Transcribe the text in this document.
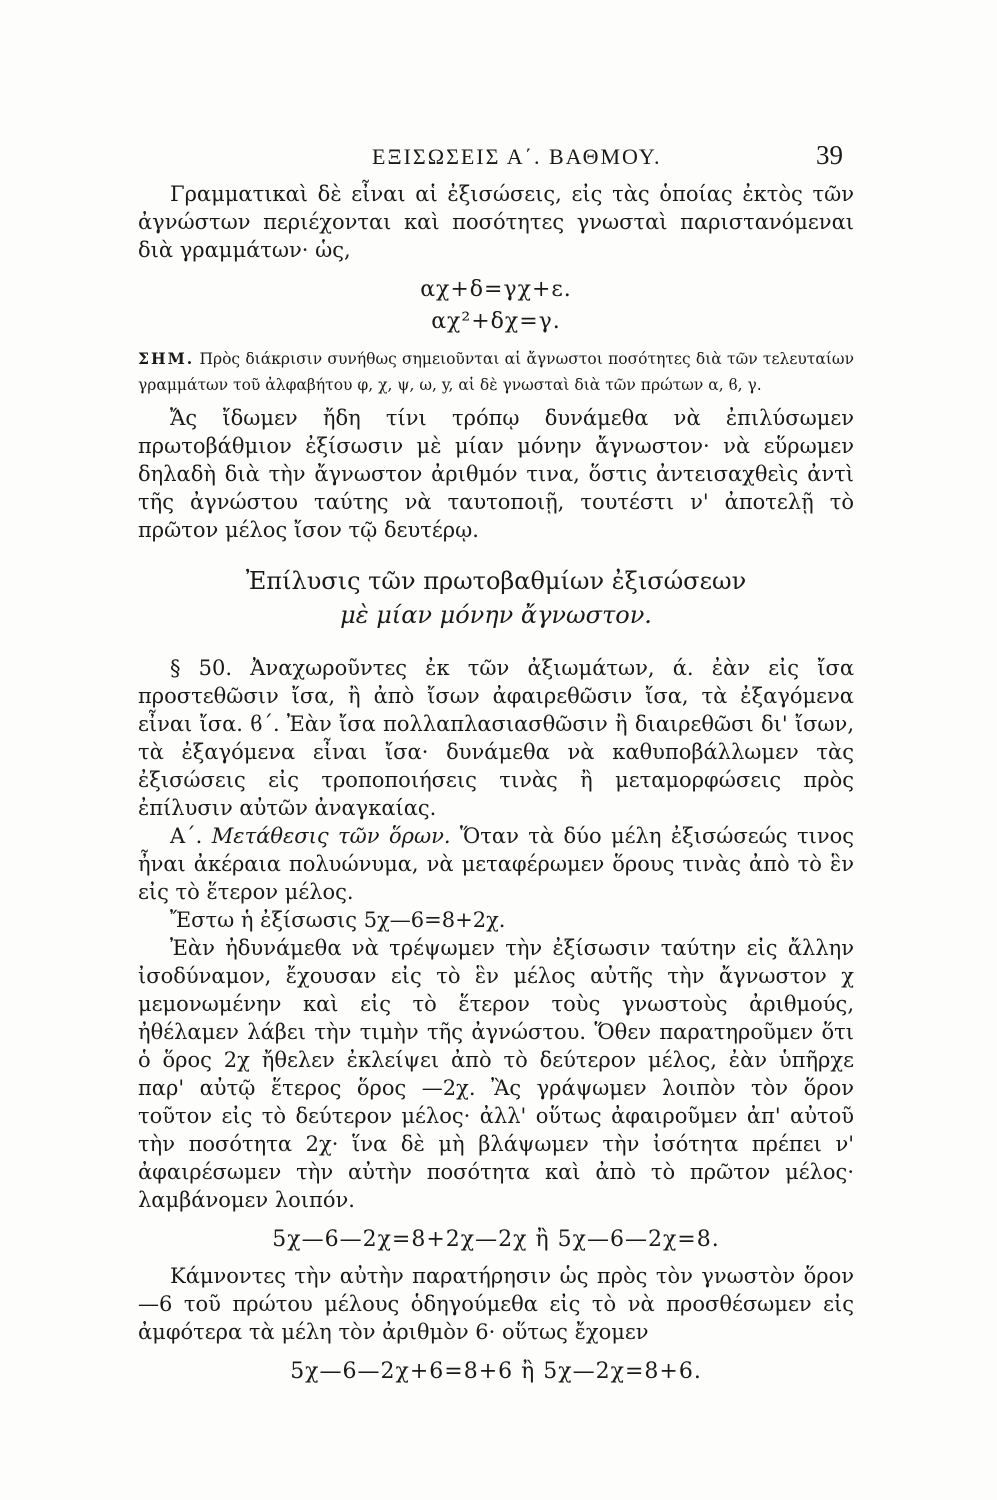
ΕΞΙΣΩΣΕΙΣ Α΄. ΒΑΘΜΟΥ.	39

Γραμματικαὶ δὲ εἶναι αἱ ἐξισώσεις, εἰς τὰς ὁποίας ἐκτὸς τῶν ἀγνώστων περιέχονται καὶ ποσότητες γνωσταὶ παριστανόμεναι διὰ γραμμάτων· ὡς,

αχ+δ=γχ+ε.
αχ²+δχ=γ.

ΣΗΜ. Πρὸς διάκρισιν συνήθως σημειοῦνται αἱ ἄγνωστοι ποσότητες διὰ τῶν τελευταίων γραμμάτων τοῦ ἀλφαβήτου φ, χ, ψ, ω, y, αἱ δὲ γνωσταὶ διὰ τῶν πρώτων α, ϐ, γ.

Ἄς ἴδωμεν ἤδη τίνι τρόπῳ δυνάμεθα νὰ ἐπιλύσωμεν πρωτοβάθμιον ἐξίσωσιν μὲ μίαν μόνην ἄγνωστον· νὰ εὕρωμεν δηλαδὴ διὰ τὴν ἄγνωστον ἀριθμόν τινα, ὅστις ἀντεισαχθεὶς ἀντὶ τῆς ἀγνώστου ταύτης νὰ ταυτοποιῇ, τουτέστι ν' ἀποτελῇ τὸ πρῶτον μέλος ἴσον τῷ δευτέρῳ.

Ἐπίλυσις τῶν πρωτοβαθμίων ἐξισώσεων
μὲ μίαν μόνην ἄγνωστον.

§ 50. Ἀναχωροῦντες ἐκ τῶν ἀξιωμάτων, ά. ἐὰν εἰς ἴσα προστεθῶσιν ἴσα, ἢ ἀπὸ ἴσων ἀφαιρεθῶσιν ἴσα, τὰ ἐξαγόμενα εἶναι ἴσα. ϐ΄. Ἐὰν ἴσα πολλαπλασιασθῶσιν ἢ διαιρεθῶσι δι' ἴσων, τὰ ἐξαγόμενα εἶναι ἴσα· δυνάμεθα νὰ καθυποβάλλωμεν τὰς ἐξισώσεις εἰς τροποποιήσεις τινὰς ἢ μεταμορφώσεις πρὸς ἐπίλυσιν αὐτῶν ἀναγκαίας.

Α΄. Μετάθεσις τῶν ὅρων. Ὅταν τὰ δύο μέλη ἐξισώσεώς τινος ἦναι ἀκέραια πολυώνυμα, νὰ μεταφέρωμεν ὅρους τινὰς ἀπὸ τὸ ἓν εἰς τὸ ἕτερον μέλος.

Ἔστω ἡ ἐξίσωσις 5χ—6=8+2χ.

Ἐὰν ἠδυνάμεθα νὰ τρέψωμεν τὴν ἐξίσωσιν ταύτην εἰς ἄλλην ἰσοδύναμον, ἔχουσαν εἰς τὸ ἓν μέλος αὐτῆς τὴν ἄγνωστον χ μεμονωμένην καὶ εἰς τὸ ἕτερον τοὺς γνωστοὺς ἀριθμούς, ἠθέλαμεν λάβει τὴν τιμὴν τῆς ἀγνώστου. Ὅθεν παρατηροῦμεν ὅτι ὁ ὅρος 2χ ἤθελεν ἐκλείψει ἀπὸ τὸ δεύτερον μέλος, ἐὰν ὑπῆρχε παρ' αὐτῷ ἕτερος ὅρος —2χ. Ἂς γράψωμεν λοιπὸν τὸν ὅρον τοῦτον εἰς τὸ δεύτερον μέλος· ἀλλ' οὕτως ἀφαιροῦμεν ἀπ' αὐτοῦ τὴν ποσότητα 2χ· ἵνα δὲ μὴ βλάψωμεν τὴν ἰσότητα πρέπει ν' ἀφαιρέσωμεν τὴν αὐτὴν ποσότητα καὶ ἀπὸ τὸ πρῶτον μέλος· λαμβάνομεν λοιπόν.

5χ—6—2χ=8+2χ—2χ ἢ 5χ—6—2χ=8.

Κάμνοντες τὴν αὐτὴν παρατήρησιν ὡς πρὸς τὸν γνωστὸν ὅρον —6 τοῦ πρώτου μέλους ὁδηγούμεθα εἰς τὸ νὰ προσθέσωμεν εἰς ἀμφότερα τὰ μέλη τὸν ἀριθμὸν 6· οὕτως ἔχομεν

5χ—6—2χ+6=8+6 ἢ 5χ—2χ=8+6.
